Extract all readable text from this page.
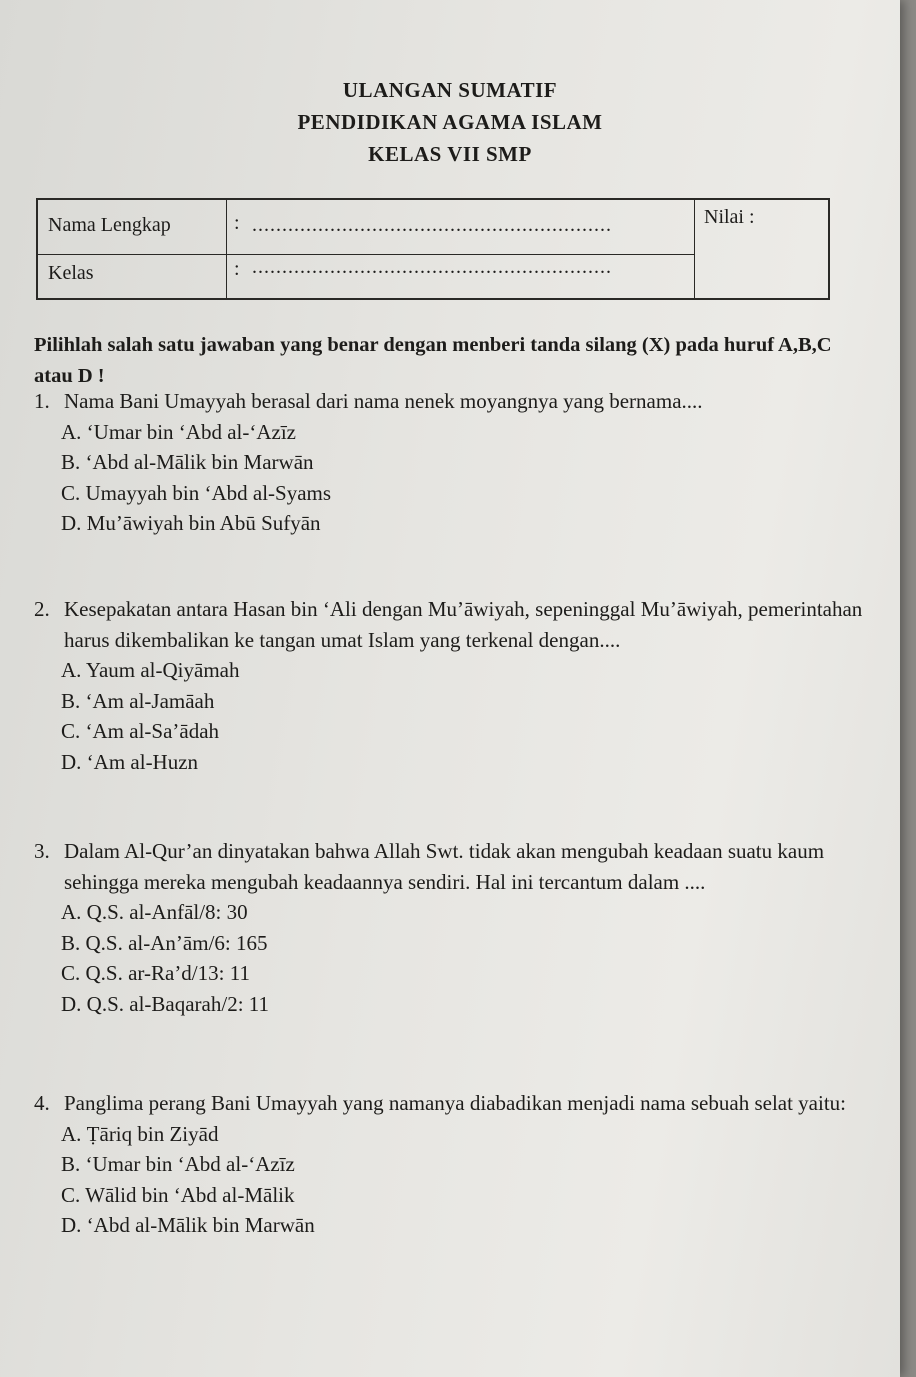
ULANGAN SUMATIF
PENDIDIKAN AGAMA ISLAM
KELAS VII SMP
Nama Lengkap	: ............................................................
Kelas	: ............................................................
Nilai :
Pilihlah salah satu jawaban yang benar dengan menberi tanda silang (X) pada huruf A,B,C atau D !
1. Nama Bani Umayyah berasal dari nama nenek moyangnya yang bernama....
A. ‘Umar bin ‘Abd al-‘Azīz
B. ‘Abd al-Mālik bin Marwān
C. Umayyah bin ‘Abd al-Syams
D. Mu’āwiyah bin Abū Sufyān
2. Kesepakatan antara Hasan bin ‘Ali dengan Mu’āwiyah, sepeninggal Mu’āwiyah, pemerintahan harus dikembalikan ke tangan umat Islam yang terkenal dengan....
A. Yaum al-Qiyāmah
B. ‘Am al-Jamāah
C. ‘Am al-Sa’ādah
D. ‘Am al-Huzn
3. Dalam Al-Qur’an dinyatakan bahwa Allah Swt. tidak akan mengubah keadaan suatu kaum sehingga mereka mengubah keadaannya sendiri. Hal ini tercantum dalam ....
A. Q.S. al-Anfāl/8: 30
B. Q.S. al-An’ām/6: 165
C. Q.S. ar-Ra’d/13: 11
D. Q.S. al-Baqarah/2: 11
4. Panglima perang Bani Umayyah yang namanya diabadikan menjadi nama sebuah selat yaitu:
A. Ṭāriq bin Ziyād
B. ‘Umar bin ‘Abd al-‘Azīz
C. Wālid bin ‘Abd al-Mālik
D. ‘Abd al-Mālik bin Marwān
